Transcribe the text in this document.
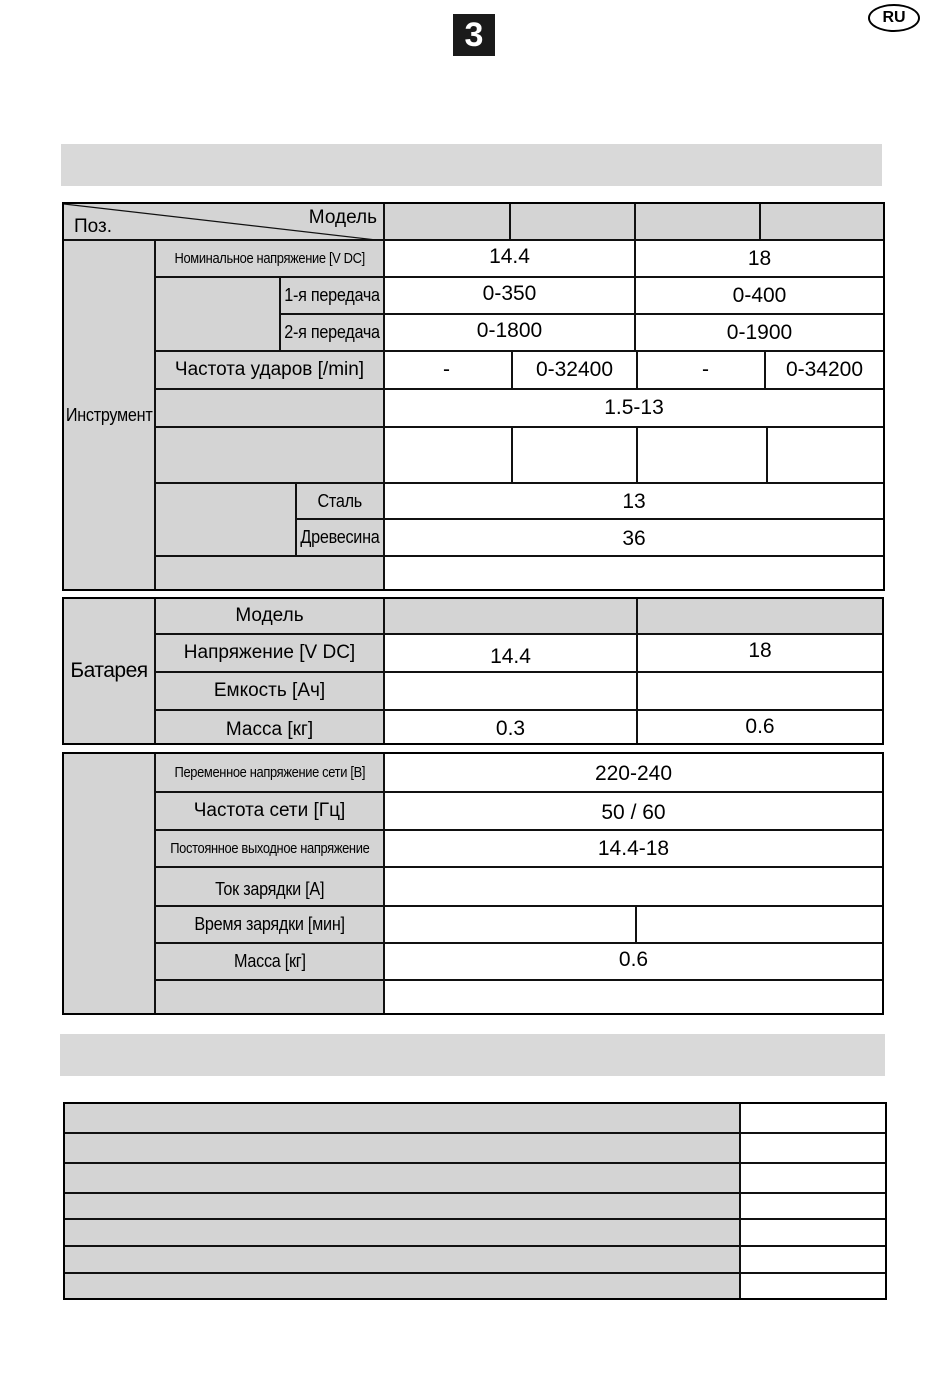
3	RU
Модель
Поз.
Инструмент
Номинальное напряжение [V DC]	14.4	18
1-я передача	0-350	0-400
2-я передача	0-1800	0-1900
Частота ударов [/min]	-	0-32400	-	0-34200
1.5-13
Сталь	13
Древесина	36
Батарея
Модель
Напряжение [V DC]	14.4	18
Емкость [Ач]
Масса [кг]	0.3	0.6
Переменное напряжение сети [В]	220-240
Частота сети [Гц]	50 / 60
Постоянное выходное напряжение	14.4-18
Ток зарядки [А]
Время зарядки [мин]
Масса [кг]	0.6
